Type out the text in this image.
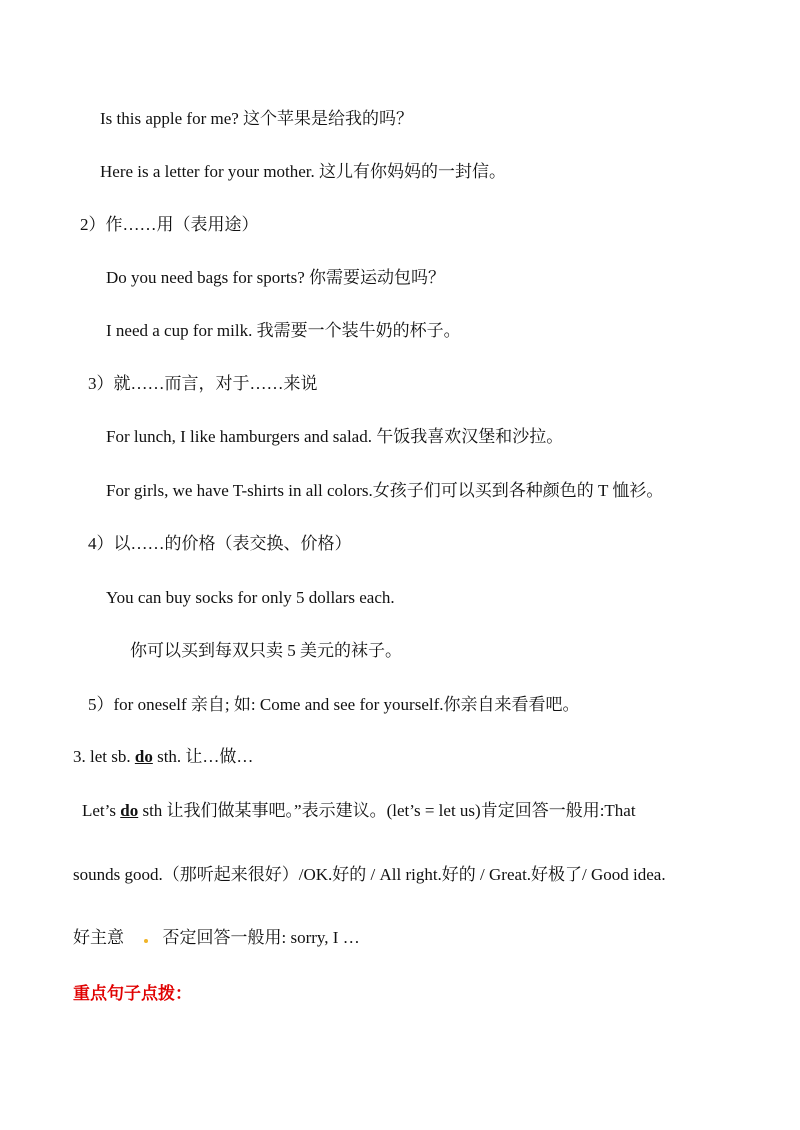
Is this apple for me? 这个苹果是给我的吗？
Here is a letter for your mother. 这儿有你妈妈的一封信。
2）作……用（表用途）
Do you need bags for sports? 你需要运动包吗？
I need a cup for milk. 我需要一个装牛奶的杯子。
3）就……而言，对于……来说
For lunch, I like hamburgers and salad. 午饭我喜欢汉堡和沙拉。
For girls, we have T-shirts in all colors.女孩子们可以买到各种颜色的 T 恤衫。
4）以……的价格（表交换、价格）
You can buy socks for only 5 dollars each.
你可以买到每双只卖 5 美元的袜子。
5）for oneself 亲自; 如: Come and see for yourself.你亲自来看看吧。
3. let sb. do sth. 让…做…
Let’s do sth 让我们做某事吧。”表示建议。(let’s = let us)肯定回答一般用:That
sounds good.（那听起来很好）/OK.好的 / All right.好的 / Great.好极了/ Good idea.
好主意 否定回答一般用: sorry, I …
重点句子点拨：
